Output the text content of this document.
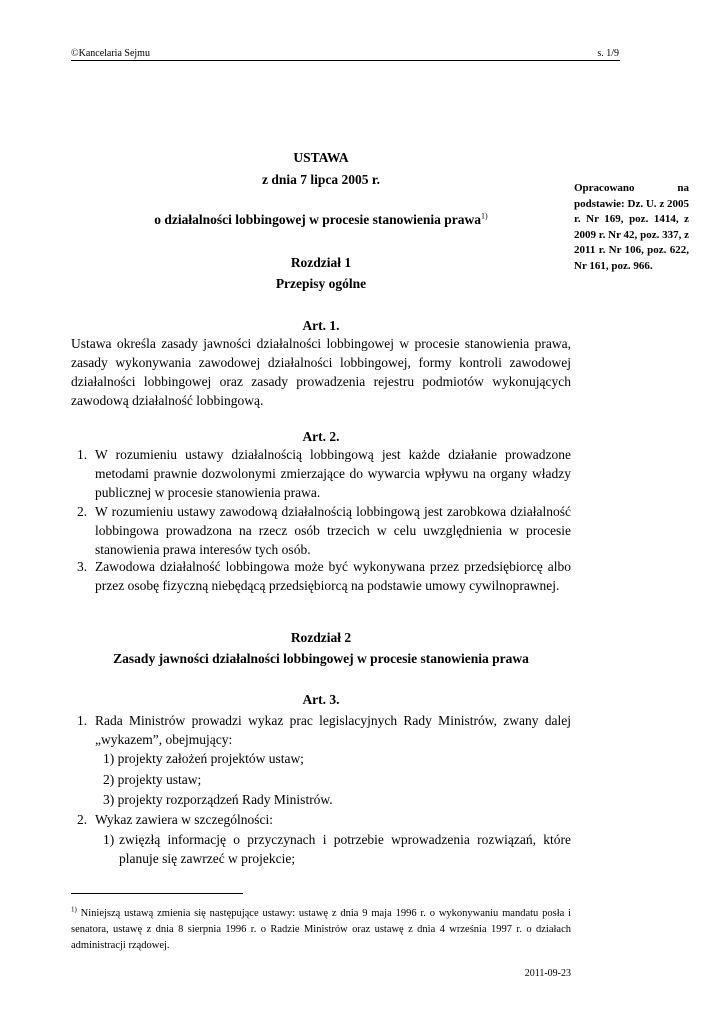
©Kancelaria Sejmu	s. 1/9
USTAWA
z dnia 7 lipca 2005 r.
o działalności lobbingowej w procesie stanowienia prawa$^{1)}$
Opracowano na podstawie: Dz. U. z 2005 r. Nr 169, poz. 1414, z 2009 r. Nr 42, poz. 337, z 2011 r. Nr 106, poz. 622, Nr 161, poz. 966.
Rozdział 1
Przepisy ogólne
Art. 1.
Ustawa określa zasady jawności działalności lobbingowej w procesie stanowienia prawa, zasady wykonywania zawodowej działalności lobbingowej, formy kontroli zawodowej działalności lobbingowej oraz zasady prowadzenia rejestru podmiotów wykonujących zawodową działalność lobbingową.
Art. 2.
1. W rozumieniu ustawy działalnością lobbingową jest każde działanie prowadzone metodami prawnie dozwolonymi zmierzające do wywarcia wpływu na organy władzy publicznej w procesie stanowienia prawa.
2. W rozumieniu ustawy zawodową działalnością lobbingową jest zarobkowa działalność lobbingowa prowadzona na rzecz osób trzecich w celu uwzględnienia w procesie stanowienia prawa interesów tych osób.
3. Zawodowa działalność lobbingowa może być wykonywana przez przedsiębiorcę albo przez osobę fizyczną niebędącą przedsiębiorcą na podstawie umowy cywilnoprawnej.
Rozdział 2
Zasady jawności działalności lobbingowej w procesie stanowienia prawa
Art. 3.
1. Rada Ministrów prowadzi wykaz prac legislacyjnych Rady Ministrów, zwany dalej „wykazem”, obejmujący:
1) projekty założeń projektów ustaw;
2) projekty ustaw;
3) projekty rozporządzeń Rady Ministrów.
2. Wykaz zawiera w szczególności:
1) zwięzłą informację o przyczynach i potrzebie wprowadzenia rozwiązań, które planuje się zawrzeć w projekcie;
$^{1)}$ Niniejszą ustawą zmienia się następujące ustawy: ustawę z dnia 9 maja 1996 r. o wykonywaniu mandatu posła i senatora, ustawę z dnia 8 sierpnia 1996 r. o Radzie Ministrów oraz ustawę z dnia 4 września 1997 r. o działach administracji rządowej.
2011-09-23
